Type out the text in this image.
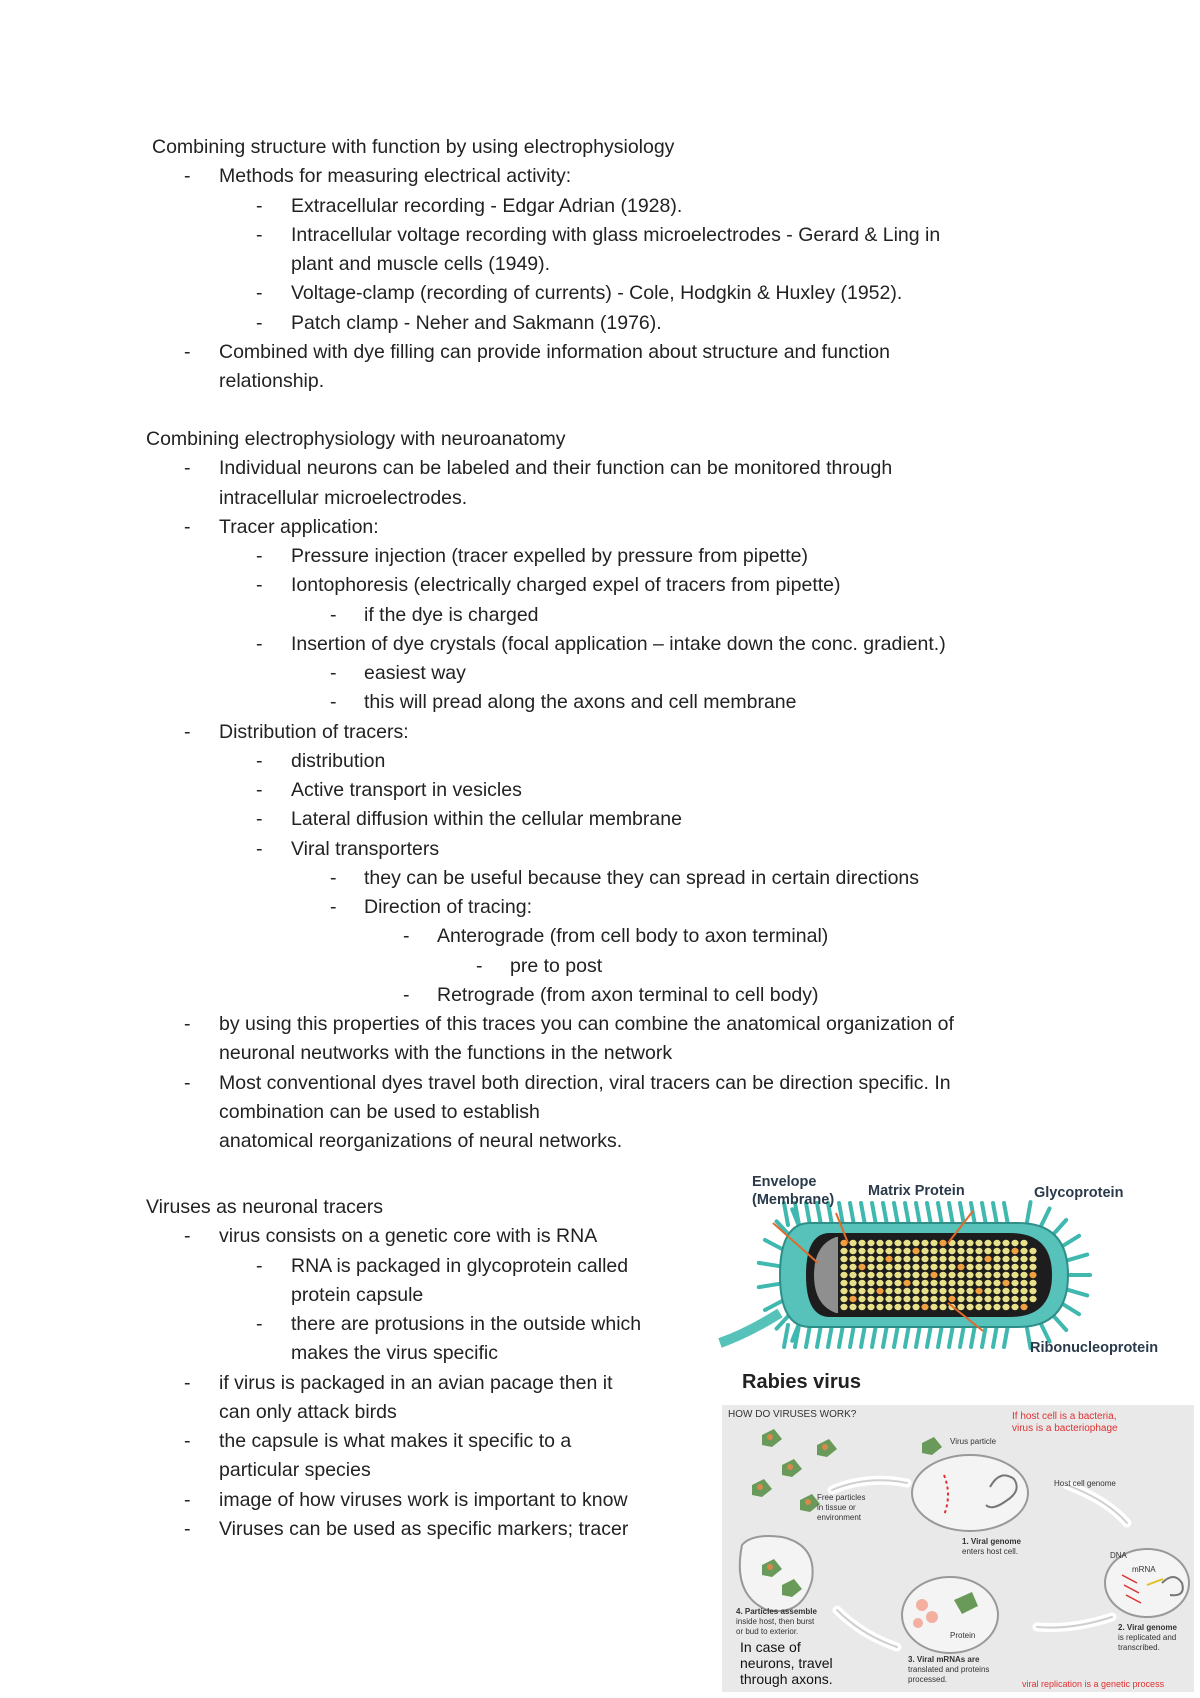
Combining structure with function by using electrophysiology
- Methods for measuring electrical activity:
- Extracellular recording - Edgar Adrian (1928).
- Intracellular voltage recording with glass microelectrodes - Gerard & Ling in
plant and muscle cells (1949).
- Voltage-clamp (recording of currents) - Cole, Hodgkin & Huxley (1952).
- Patch clamp - Neher and Sakmann (1976).
- Combined with dye filling can provide information about structure and function
relationship.
Combining electrophysiology with neuroanatomy
- Individual neurons can be labeled and their function can be monitored through
intracellular microelectrodes.
- Tracer application:
- Pressure injection (tracer expelled by pressure from pipette)
- Iontophoresis (electrically charged expel of tracers from pipette)
- if the dye is charged
- Insertion of dye crystals (focal application – intake down the conc. gradient.)
- easiest way
- this will pread along the axons and cell membrane
- Distribution of tracers:
- distribution
- Active transport in vesicles
- Lateral diffusion within the cellular membrane
- Viral transporters
- they can be useful because they can spread in certain directions
- Direction of tracing:
- Anterograde (from cell body to axon terminal)
- pre to post
- Retrograde (from axon terminal to cell body)
- by using this properties of this traces you can combine the anatomical organization of
neuronal neutworks with the functions in the network
- Most conventional dyes travel both direction, viral tracers can be direction specific. In
combination can be used to establish
anatomical reorganizations of neural networks.
Viruses as neuronal tracers
- virus consists on a genetic core with is RNA
- RNA is packaged in glycoprotein called
protein capsule
- there are protusions in the outside which
makes the virus specific
- if virus is packaged in an avian pacage then it
can only attack birds
- the capsule is what makes it specific to a
particular species
- image of how viruses work is important to know
- Viruses can be used as specific markers; tracer
Envelope
(Membrane)
Matrix Protein	Glycoprotein
Ribonucleoprotein
Rabies virus
HOW DO VIRUSES WORK?	If host cell is a bacteria,
virus is a bacteriophage
Virus particle
Host cell genome
Free particles
in tissue or
environment
1. Viral genome
enters host cell.	DNA
mRNA
2. Viral genome
is replicated and
transcribed.
Protein
3. Viral mRNAs are
translated and proteins
processed.
4. Particles assemble
inside host, then burst
or bud to exterior.
In case of
neurons, travel
through axons.	viral replication is a genetic process
